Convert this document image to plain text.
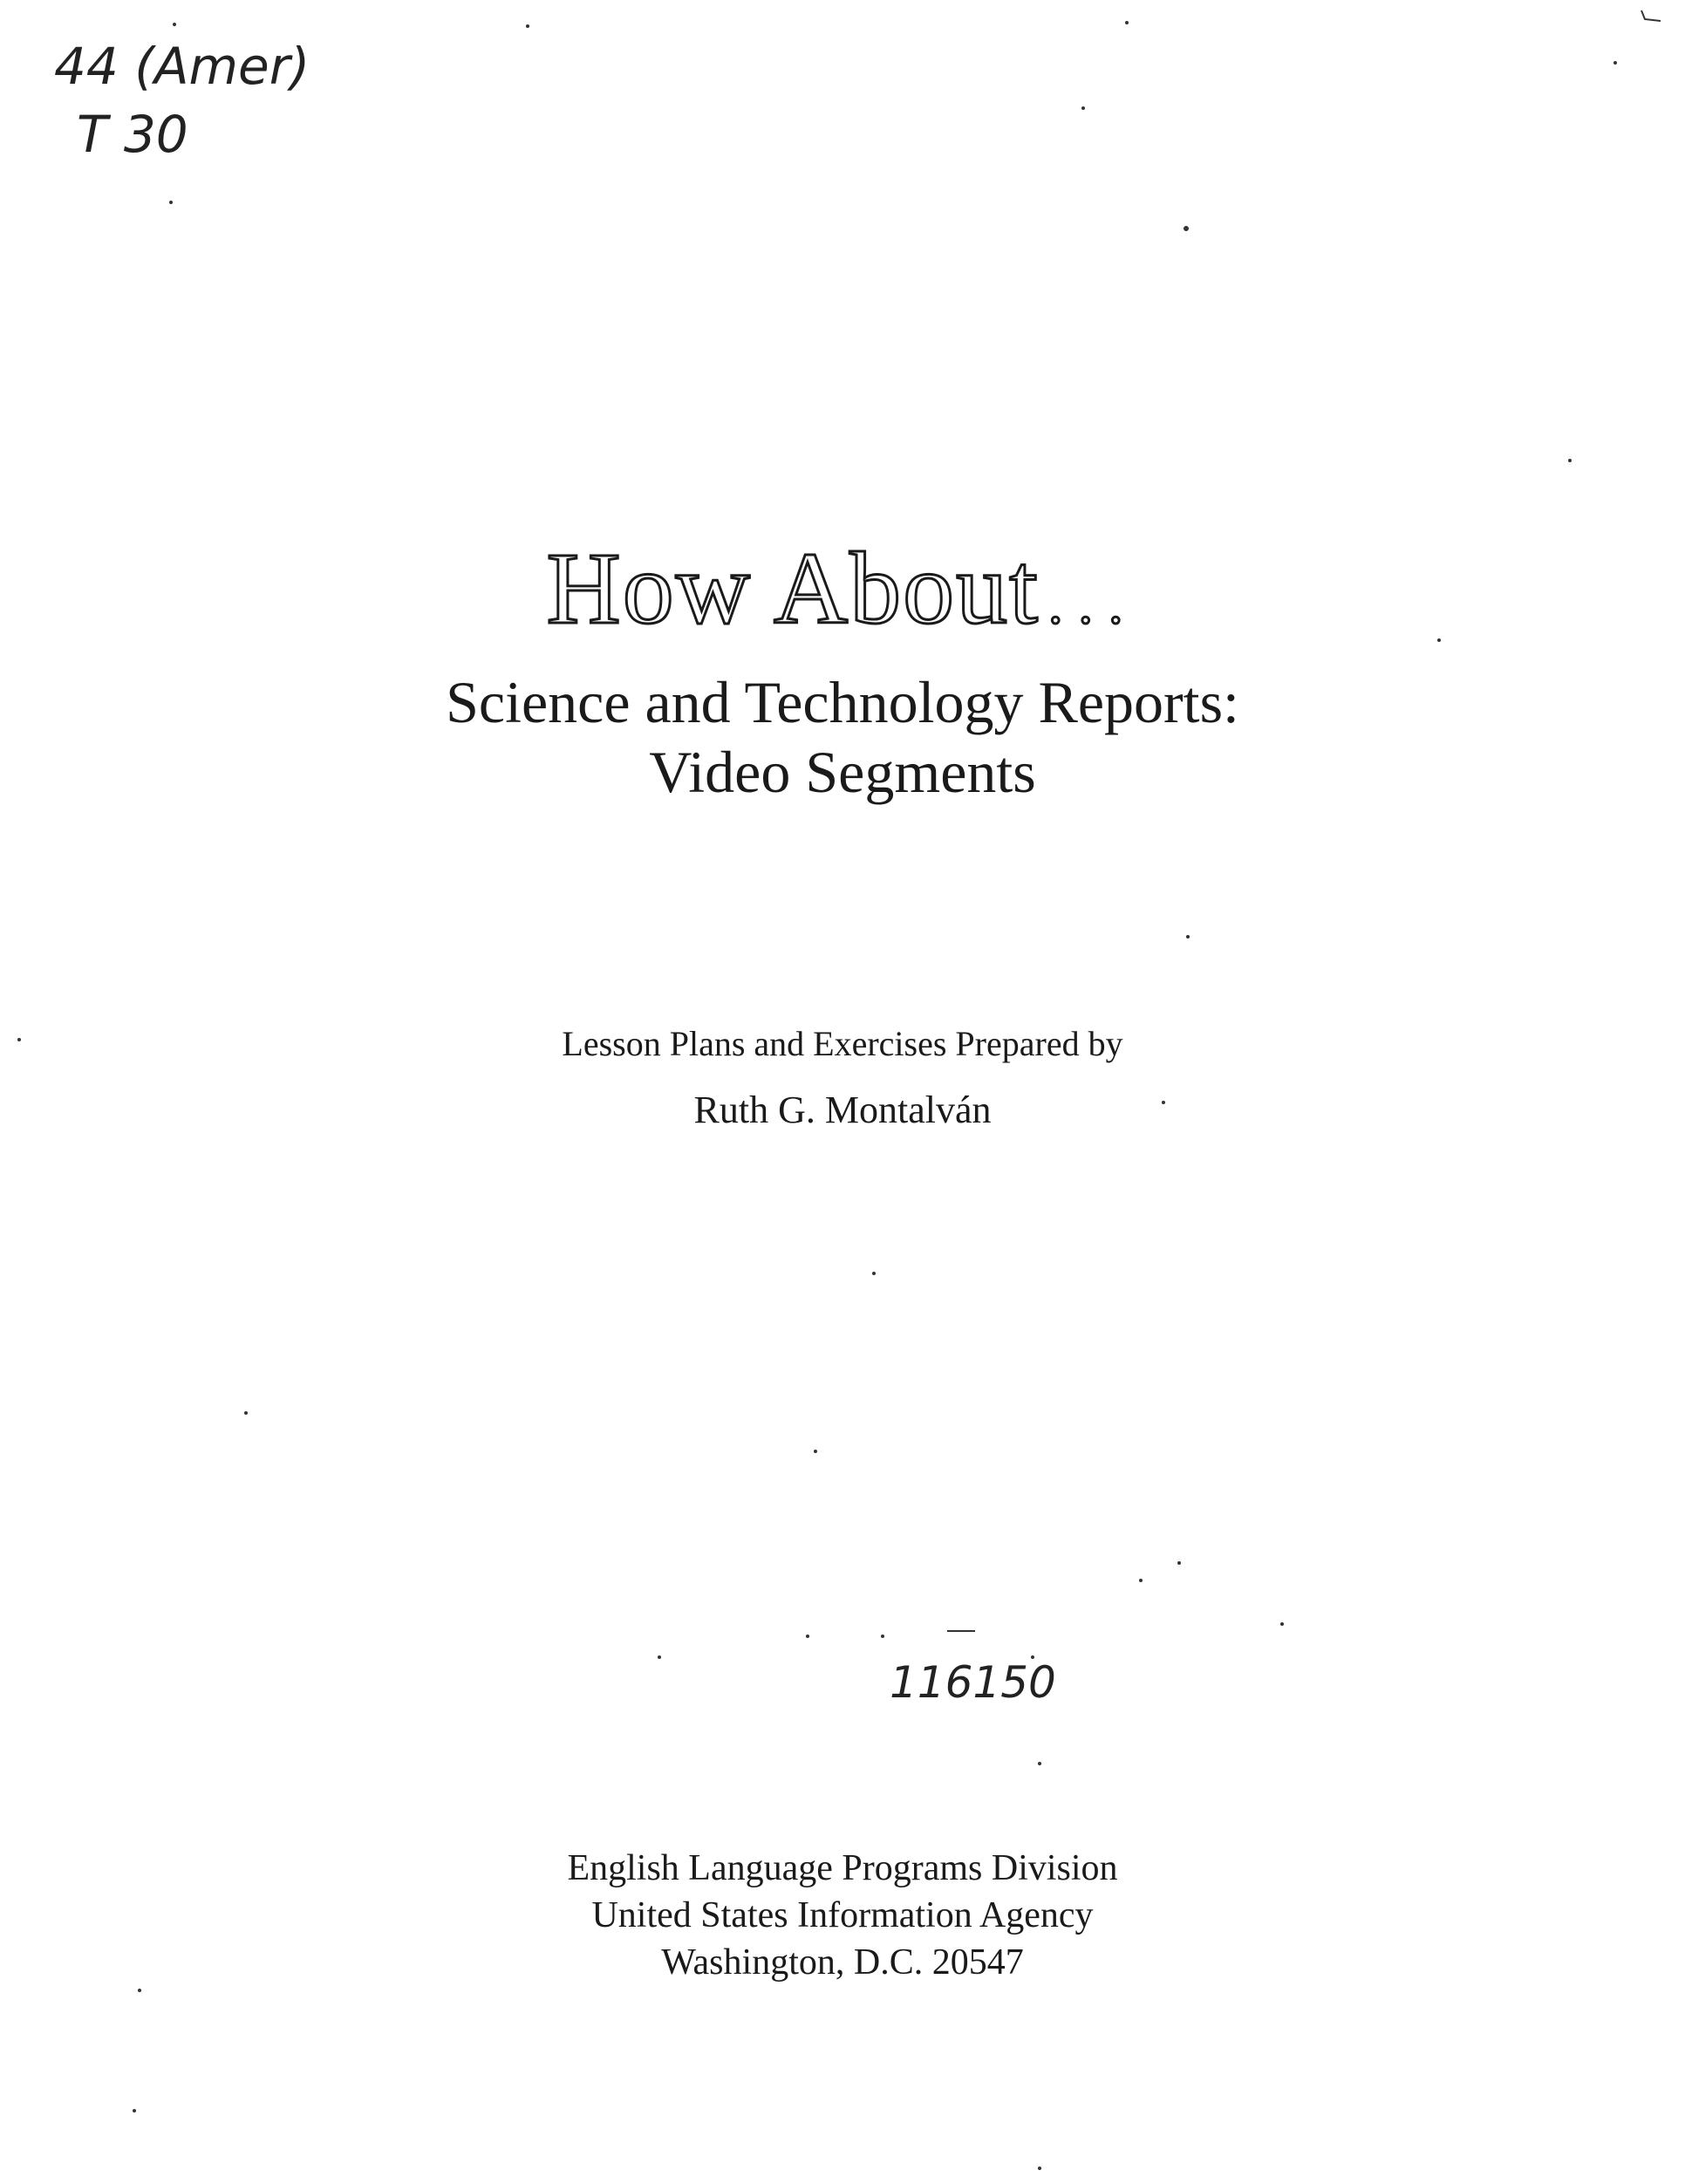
44 (Amer)
T 30
How About ...
Science and Technology Reports:
Video Segments
Lesson Plans and Exercises Prepared by
Ruth G. Montalván
116150
English Language Programs Division
United States Information Agency
Washington, D.C. 20547
